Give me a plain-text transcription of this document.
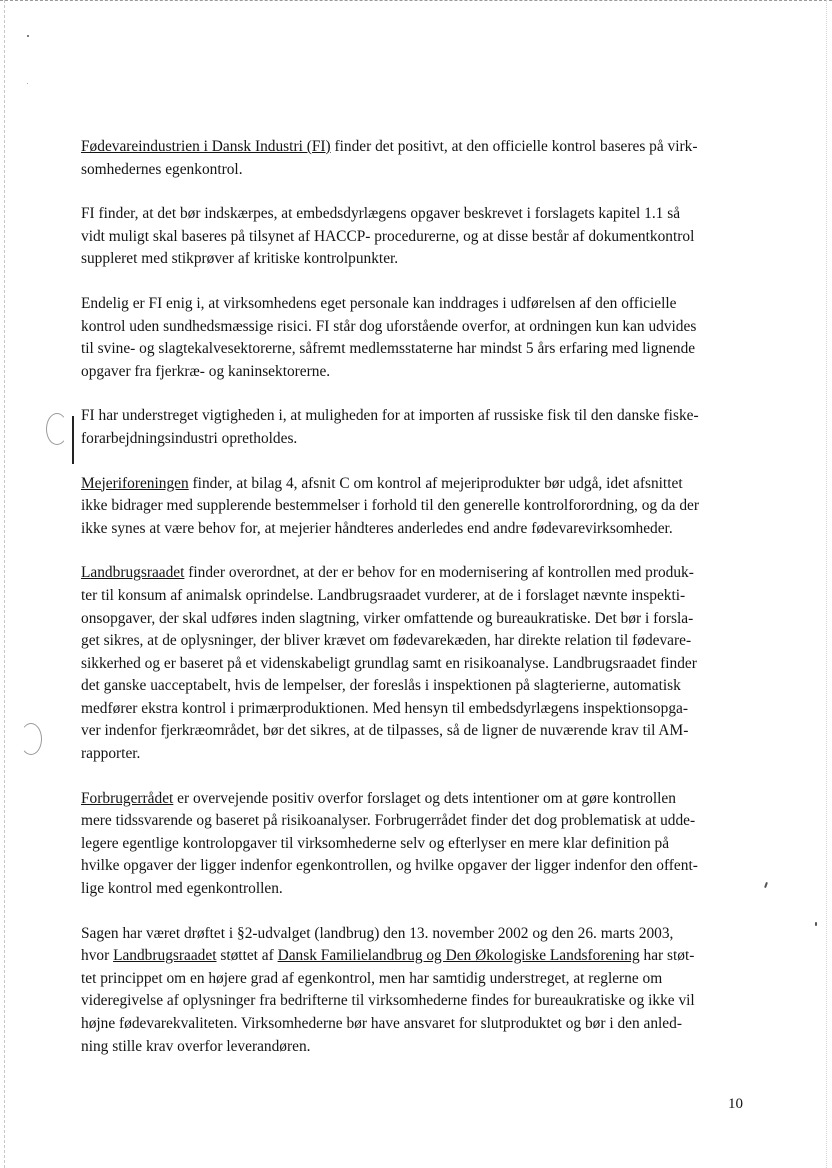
Fødevareindustrien i Dansk Industri (FI) finder det positivt, at den officielle kontrol baseres på virk-
somhedernes egenkontrol.

FI finder, at det bør indskærpes, at embedsdyrlægens opgaver beskrevet i forslagets kapitel 1.1 så
vidt muligt skal baseres på tilsynet af HACCP- procedurerne, og at disse består af dokumentkontrol
suppleret med stikprøver af kritiske kontrolpunkter.

Endelig er FI enig i, at virksomhedens eget personale kan inddrages i udførelsen af den officielle
kontrol uden sundhedsmæssige risici. FI står dog uforstående overfor, at ordningen kun kan udvides
til svine- og slagtekalvesektorerne, såfremt medlemsstaterne har mindst 5 års erfaring med lignende
opgaver fra fjerkræ- og kaninsektorerne.

FI har understreget vigtigheden i, at muligheden for at importen af russiske fisk til den danske fiske-
forarbejdningsindustri opretholdes.

Mejeriforeningen finder, at bilag 4, afsnit C om kontrol af mejeriprodukter bør udgå, idet afsnittet
ikke bidrager med supplerende bestemmelser i forhold til den generelle kontrolforordning, og da der
ikke synes at være behov for, at mejerier håndteres anderledes end andre fødevarevirksomheder.

Landbrugsraadet finder overordnet, at der er behov for en modernisering af kontrollen med produk-
ter til konsum af animalsk oprindelse. Landbrugsraadet vurderer, at de i forslaget nævnte inspekti-
onsopgaver, der skal udføres inden slagtning, virker omfattende og bureaukratiske. Det bør i forsla-
get sikres, at de oplysninger, der bliver krævet om fødevarekæden, har direkte relation til fødevare-
sikkerhed og er baseret på et videnskabeligt grundlag samt en risikoanalyse. Landbrugsraadet finder
det ganske uacceptabelt, hvis de lempelser, der foreslås i inspektionen på slagterierne, automatisk
medfører ekstra kontrol i primærproduktionen. Med hensyn til embedsdyrlægens inspektionsopga-
ver indenfor fjerkræområdet, bør det sikres, at de tilpasses, så de ligner de nuværende krav til AM-
rapporter.

Forbrugerrådet er overvejende positiv overfor forslaget og dets intentioner om at gøre kontrollen
mere tidssvarende og baseret på risikoanalyser. Forbrugerrådet finder det dog problematisk at udde-
legere egentlige kontrolopgaver til virksomhederne selv og efterlyser en mere klar definition på
hvilke opgaver der ligger indenfor egenkontrollen, og hvilke opgaver der ligger indenfor den offent-
lige kontrol med egenkontrollen.

Sagen har været drøftet i §2-udvalget (landbrug) den 13. november 2002 og den 26. marts 2003,
hvor Landbrugsraadet støttet af Dansk Familielandbrug og Den Økologiske Landsforening har støt-
tet princippet om en højere grad af egenkontrol, men har samtidig understreget, at reglerne om
videregivelse af oplysninger fra bedrifterne til virksomhederne findes for bureaukratiske og ikke vil
højne fødevarekvaliteten. Virksomhederne bør have ansvaret for slutproduktet og bør i den anled-
ning stille krav overfor leverandøren.

10
